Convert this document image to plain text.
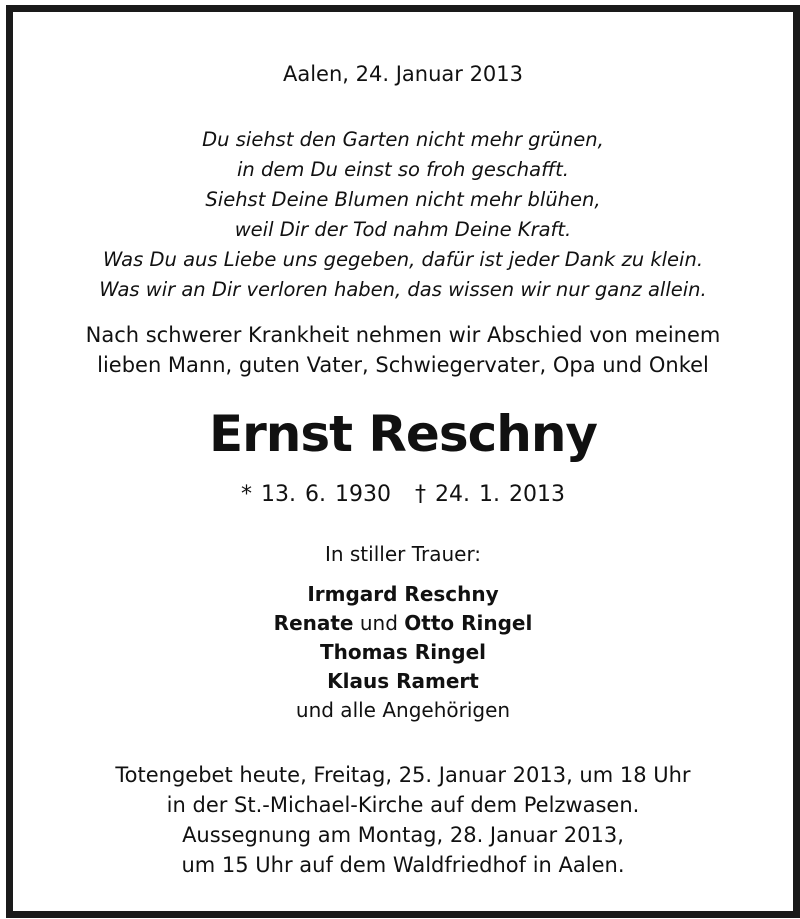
Aalen, 24. Januar 2013
Du siehst den Garten nicht mehr grünen,
in dem Du einst so froh geschafft.
Siehst Deine Blumen nicht mehr blühen,
weil Dir der Tod nahm Deine Kraft.
Was Du aus Liebe uns gegeben, dafür ist jeder Dank zu klein.
Was wir an Dir verloren haben, das wissen wir nur ganz allein.
Nach schwerer Krankheit nehmen wir Abschied von meinem
lieben Mann, guten Vater, Schwiegervater, Opa und Onkel
Ernst Reschny
* 13. 6. 1930 † 24. 1. 2013
In stiller Trauer:
Irmgard Reschny
Renate und Otto Ringel
Thomas Ringel
Klaus Ramert
und alle Angehörigen
Totengebet heute, Freitag, 25. Januar 2013, um 18 Uhr
in der St.-Michael-Kirche auf dem Pelzwasen.
Aussegnung am Montag, 28. Januar 2013,
um 15 Uhr auf dem Waldfriedhof in Aalen.
